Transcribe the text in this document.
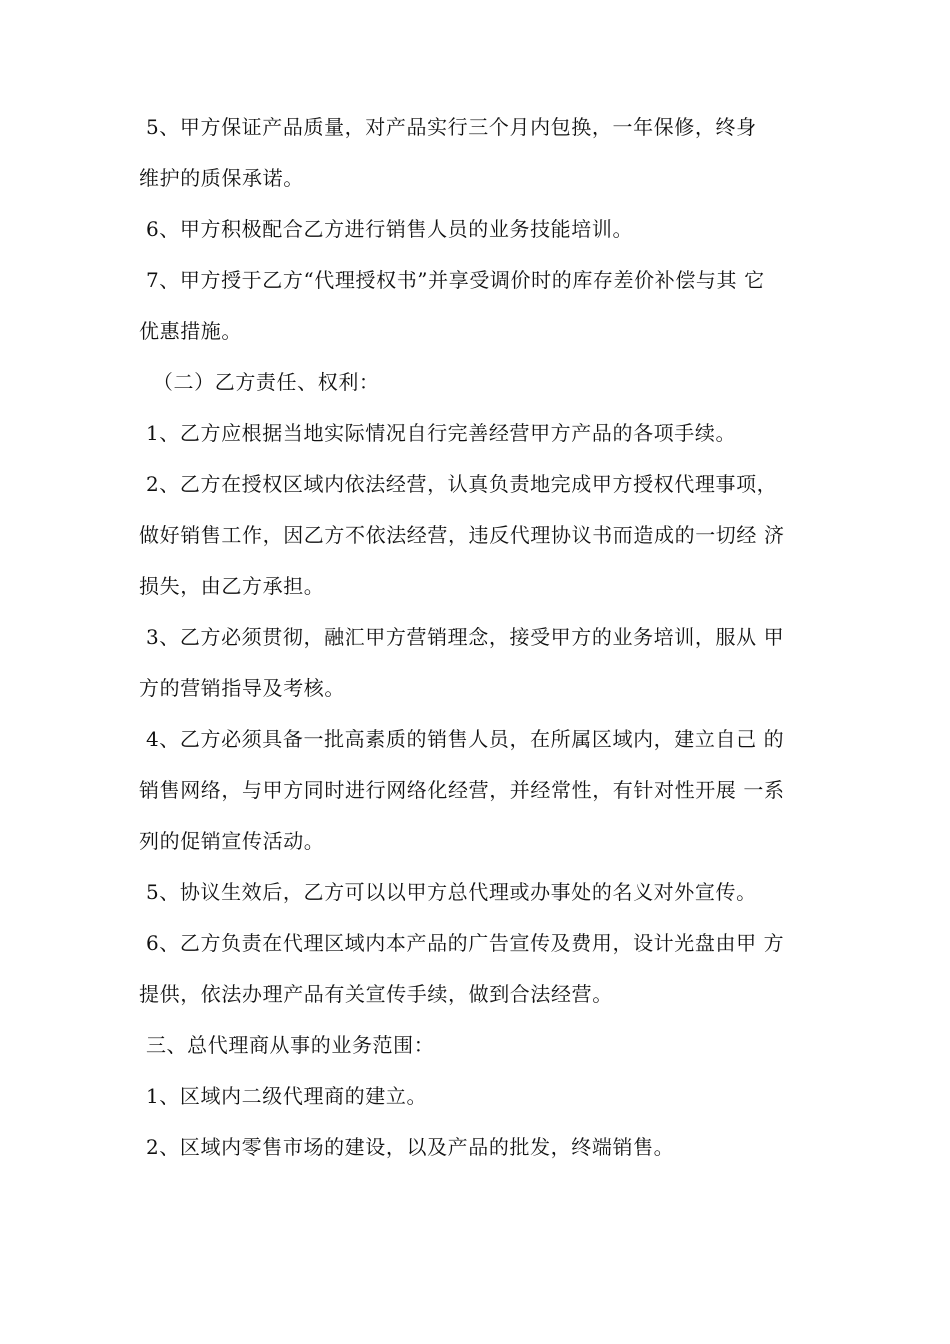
5、甲方保证产品质量，对产品实行三个月内包换，一年保修，终身
维护的质保承诺。
6、甲方积极配合乙方进行销售人员的业务技能培训。
7、甲方授于乙方“代理授权书”并享受调价时的库存差价补偿与其 它
优惠措施。
（二）乙方责任、权利：
1、乙方应根据当地实际情况自行完善经营甲方产品的各项手续。
2、乙方在授权区域内依法经营，认真负责地完成甲方授权代理事项，
做好销售工作，因乙方不依法经营，违反代理协议书而造成的一切经 济
损失，由乙方承担。
3、乙方必须贯彻，融汇甲方营销理念，接受甲方的业务培训，服从 甲
方的营销指导及考核。
4、乙方必须具备一批高素质的销售人员，在所属区域内，建立自己 的
销售网络，与甲方同时进行网络化经营，并经常性，有针对性开展 一系
列的促销宣传活动。
5、协议生效后，乙方可以以甲方总代理或办事处的名义对外宣传。
6、乙方负责在代理区域内本产品的广告宣传及费用，设计光盘由甲 方
提供，依法办理产品有关宣传手续，做到合法经营。
三、总代理商从事的业务范围：
1、区域内二级代理商的建立。
2、区域内零售市场的建设，以及产品的批发，终端销售。
